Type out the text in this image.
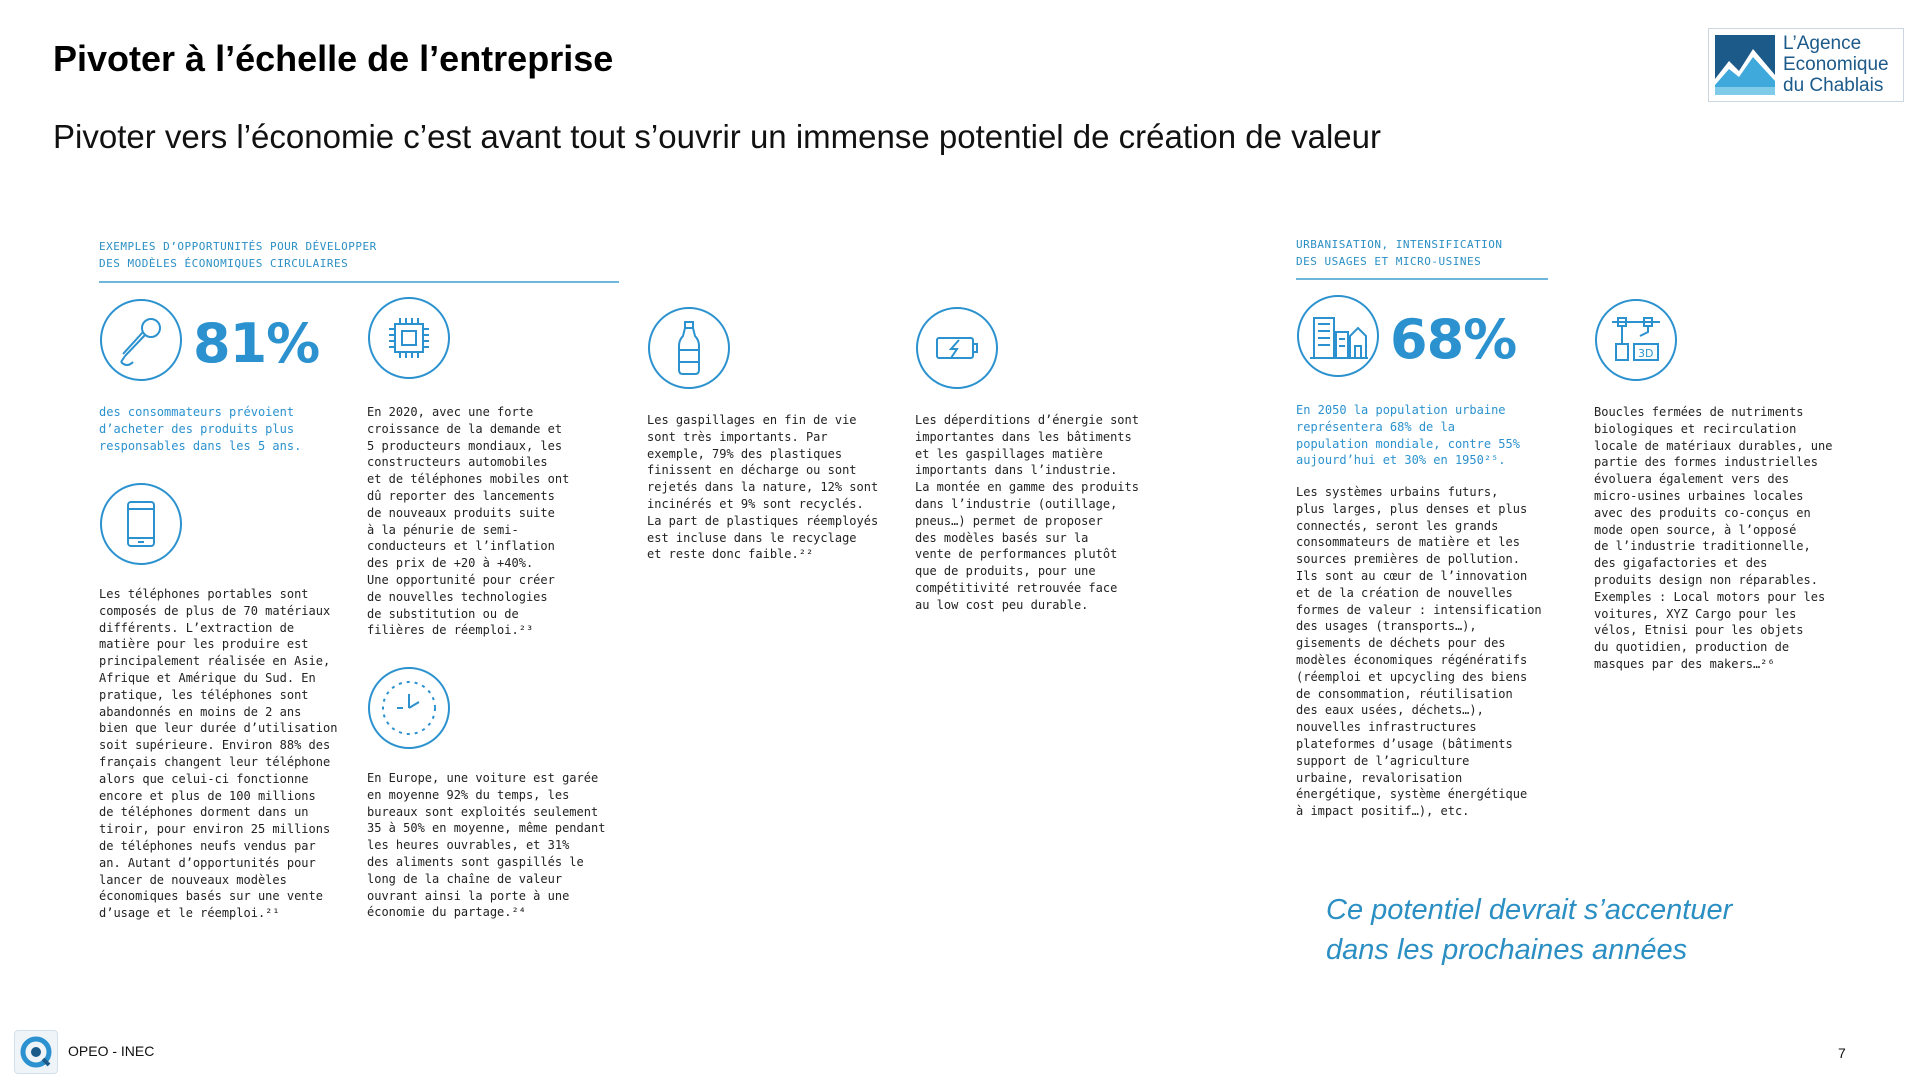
Pivoter à l’échelle de l’entreprise
Pivoter vers l’économie c’est avant tout s’ouvrir un immense potentiel de création de valeur
L’Agence
Economique
du Chablais
EXEMPLES D’OPPORTUNITÉS POUR DÉVELOPPER
DES MODÈLES ÉCONOMIQUES CIRCULAIRES
81%
des consommateurs prévoient
d’acheter des produits plus
responsables dans les 5 ans.
Les téléphones portables sont
composés de plus de 70 matériaux
différents. L’extraction de
matière pour les produire est
principalement réalisée en Asie,
Afrique et Amérique du Sud. En
pratique, les téléphones sont
abandonnés en moins de 2 ans
bien que leur durée d’utilisation
soit supérieure. Environ 88% des
français changent leur téléphone
alors que celui-ci fonctionne
encore et plus de 100 millions
de téléphones dorment dans un
tiroir, pour environ 25 millions
de téléphones neufs vendus par
an. Autant d’opportunités pour
lancer de nouveaux modèles
économiques basés sur une vente
d’usage et le réemploi.²¹
En 2020, avec une forte
croissance de la demande et
5 producteurs mondiaux, les
constructeurs automobiles
et de téléphones mobiles ont
dû reporter des lancements
de nouveaux produits suite
à la pénurie de semi-
conducteurs et l’inflation
des prix de +20 à +40%.
Une opportunité pour créer
de nouvelles technologies
de substitution ou de
filières de réemploi.²³
En Europe, une voiture est garée
en moyenne 92% du temps, les
bureaux sont exploités seulement
35 à 50% en moyenne, même pendant
les heures ouvrables, et 31%
des aliments sont gaspillés le
long de la chaîne de valeur
ouvrant ainsi la porte à une
économie du partage.²⁴
Les gaspillages en fin de vie
sont très importants. Par
exemple, 79% des plastiques
finissent en décharge ou sont
rejetés dans la nature, 12% sont
incinérés et 9% sont recyclés.
La part de plastiques réemployés
est incluse dans le recyclage
et reste donc faible.²²
Les déperditions d’énergie sont
importantes dans les bâtiments
et les gaspillages matière
importants dans l’industrie.
La montée en gamme des produits
dans l’industrie (outillage,
pneus…) permet de proposer
des modèles basés sur la
vente de performances plutôt
que de produits, pour une
compétitivité retrouvée face
au low cost peu durable.
URBANISATION, INTENSIFICATION
DES USAGES ET MICRO-USINES
68%
En 2050 la population urbaine
représentera 68% de la
population mondiale, contre 55%
aujourd’hui et 30% en 1950²⁵.
Les systèmes urbains futurs,
plus larges, plus denses et plus
connectés, seront les grands
consommateurs de matière et les
sources premières de pollution.
Ils sont au cœur de l’innovation
et de la création de nouvelles
formes de valeur : intensification
des usages (transports…),
gisements de déchets pour des
modèles économiques régénératifs
(réemploi et upcycling des biens
de consommation, réutilisation
des eaux usées, déchets…),
nouvelles infrastructures
plateformes d’usage (bâtiments
support de l’agriculture
urbaine, revalorisation
énergétique, système énergétique
à impact positif…), etc.
3D
Boucles fermées de nutriments
biologiques et recirculation
locale de matériaux durables, une
partie des formes industrielles
évoluera également vers des
micro-usines urbaines locales
avec des produits co-conçus en
mode open source, à l’opposé
de l’industrie traditionnelle,
des gigafactories et des
produits design non réparables.
Exemples : Local motors pour les
voitures, XYZ Cargo pour les
vélos, Etnisi pour les objets
du quotidien, production de
masques par des makers…²⁶
Ce potentiel devrait s’accentuer
dans les prochaines années
OPEO - INEC	7
